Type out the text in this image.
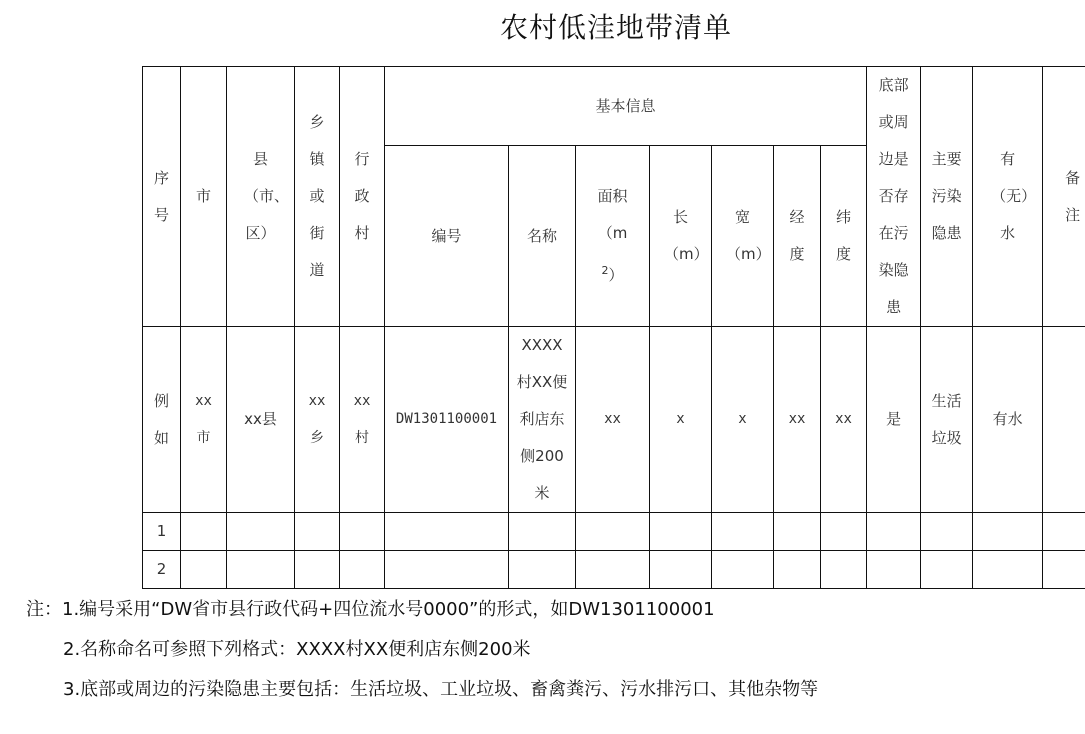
农村低洼地带清单
序号	市	县（市、区）	乡镇或街道	行政村	基本信息							底部或周边是否存在污染隐患	主要污染隐患	有（无）水	备注
					编号	名称	面积$(m^2)$	长（m）	宽（m）	经度	纬度				
例如	xx市	xx县	xx乡	xx村	DW1301100001	XXXX村XX便利店东侧200米	xx	x	x	xx	xx	是	生活垃圾	有水	
1															
2															
注：1.编号采用“DW省市县行政代码+四位流水号0000”的形式，如DW1301100001
2.名称命名可参照下列格式：XXXX村XX便利店东侧200米
3.底部或周边的污染隐患主要包括：生活垃圾、工业垃圾、畜禽粪污、污水排污口、其他杂物等
